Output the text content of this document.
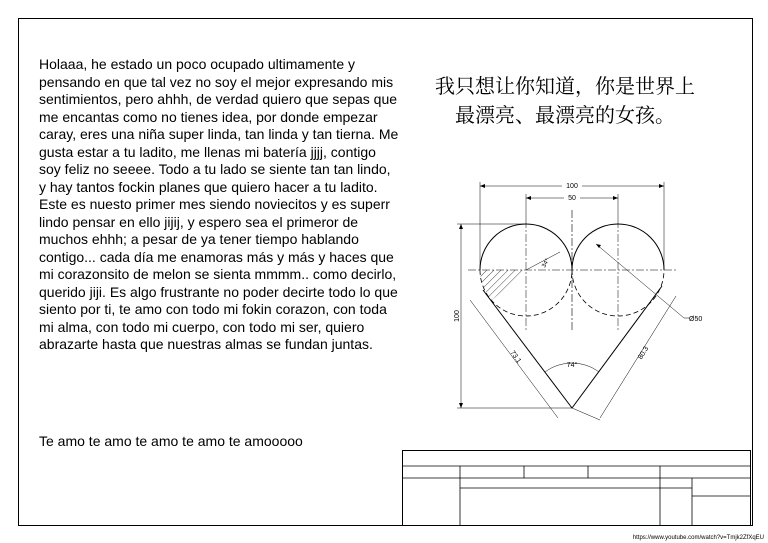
Holaaa, he estado un poco ocupado ultimamente y pensando en que tal vez no soy el mejor expresando mis sentimientos, pero ahhh, de verdad quiero que sepas que me encantas como no tienes idea, por donde empezar caray, eres una niña super linda, tan linda y tan tierna. Me gusta estar a tu ladito, me llenas mi batería jjjj, contigo soy feliz no seeee. Todo a tu lado se siente tan tan lindo, y hay tantos fockin planes que quiero hacer a tu ladito. Este es nuesto primer mes siendo noviecitos y es superr lindo pensar en ello jijij, y espero sea el primeror de muchos ehhh; a pesar de ya tener tiempo hablando contigo... cada día me enamoras más y más y haces que mi corazonsito de melon se sienta mmmm.. como decirlo, querido jiji. Es algo frustrante no poder decirte todo lo que siento por ti, te amo con todo mi fokin corazon, con toda mi alma, con todo mi cuerpo, con todo mi ser, quiero abrazarte hasta que nuestras almas se fundan juntas.

Te amo te amo te amo te amo te amooooo

我只想让你知道，你是世界上最漂亮、最漂亮的女孩。

100
50
100	Ø50
73.1	80.3
74°
34°
https://www.youtube.com/watch?v=Tmjk2ZfXqEU
